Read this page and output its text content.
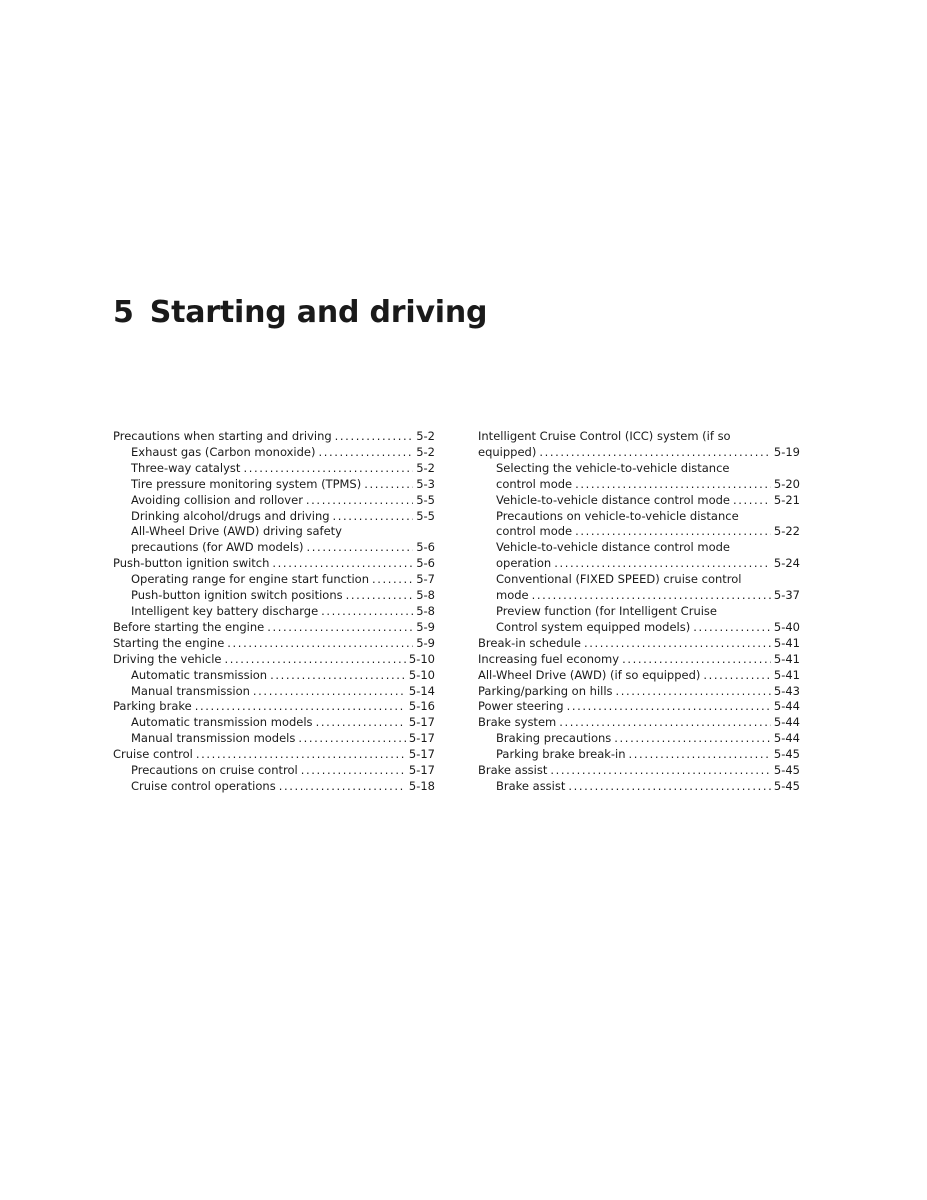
5 Starting and driving
Precautions when starting and driving .....	5-2
Exhaust gas (Carbon monoxide) .....	5-2
Three-way catalyst .....	5-2
Tire pressure monitoring system (TPMS) .....	5-3
Avoiding collision and rollover .....	5-5
Drinking alcohol/drugs and driving .....	5-5
All-Wheel Drive (AWD) driving safety
precautions (for AWD models) .....	5-6
Push-button ignition switch .....	5-6
Operating range for engine start function .....	5-7
Push-button ignition switch positions .....	5-8
Intelligent key battery discharge .....	5-8
Before starting the engine .....	5-9
Starting the engine .....	5-9
Driving the vehicle .....	5-10
Automatic transmission .....	5-10
Manual transmission .....	5-14
Parking brake .....	5-16
Automatic transmission models .....	5-17
Manual transmission models .....	5-17
Cruise control .....	5-17
Precautions on cruise control .....	5-17
Cruise control operations .....	5-18
Intelligent Cruise Control (ICC) system (if so
equipped) .....	5-19
Selecting the vehicle-to-vehicle distance
control mode .....	5-20
Vehicle-to-vehicle distance control mode .....	5-21
Precautions on vehicle-to-vehicle distance
control mode .....	5-22
Vehicle-to-vehicle distance control mode
operation .....	5-24
Conventional (FIXED SPEED) cruise control
mode .....	5-37
Preview function (for Intelligent Cruise
Control system equipped models) .....	5-40
Break-in schedule .....	5-41
Increasing fuel economy .....	5-41
All-Wheel Drive (AWD) (if so equipped) .....	5-41
Parking/parking on hills .....	5-43
Power steering .....	5-44
Brake system .....	5-44
Braking precautions .....	5-44
Parking brake break-in .....	5-45
Brake assist .....	5-45
Brake assist .....	5-45
